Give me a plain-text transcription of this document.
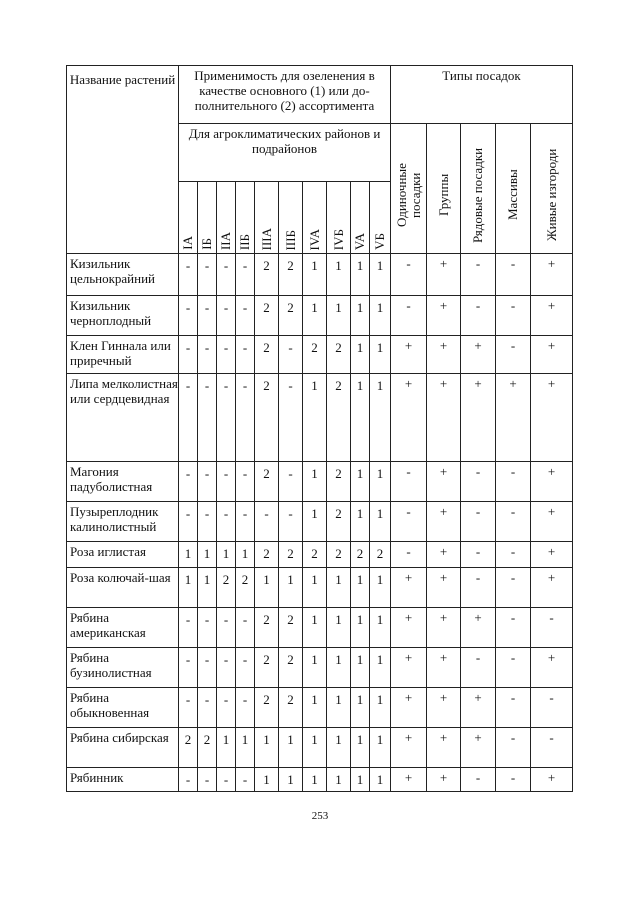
Название растений	Применимость для озеленения в качестве основного (1) или до-полнительного (2) ассортимента										Типы посадок				
	Для агроклиматических районов и подрайонов										Одиночные посадки	Группы	Рядовые посадки	Массивы	Живые изгороди
	IA	IБ	IIA	IIБ	IIIA	IIIБ	IVA	IVБ	VA	VБ					
Кизильник цельнокрайний	-	-	-	-	2	2	1	1	1	1	-	+	-	-	+
Кизильник черноплодный	-	-	-	-	2	2	1	1	1	1	-	+	-	-	+
Клен Гиннала или приречный	-	-	-	-	2	-	2	2	1	1	+	+	+	-	+
Липа мелколистная или сердцевидная	-	-	-	-	2	-	1	2	1	1	+	+	+	+	+
Магония падуболистная	-	-	-	-	2	-	1	2	1	1	-	+	-	-	+
Пузыреплодник калинолистный	-	-	-	-	-	-	1	2	1	1	-	+	-	-	+
Роза иглистая	1	1	1	1	2	2	2	2	2	2	-	+	-	-	+
Роза колючай-шая	1	1	2	2	1	1	1	1	1	1	+	+	-	-	+
Рябина американская	-	-	-	-	2	2	1	1	1	1	+	+	+	-	-
Рябина бузинолистная	-	-	-	-	2	2	1	1	1	1	+	+	-	-	+
Рябина обыкновенная	-	-	-	-	2	2	1	1	1	1	+	+	+	-	-
Рябина сибирская	2	2	1	1	1	1	1	1	1	1	+	+	+	-	-
Рябинник	-	-	-	-	1	1	1	1	1	1	+	+	-	-	+
253
